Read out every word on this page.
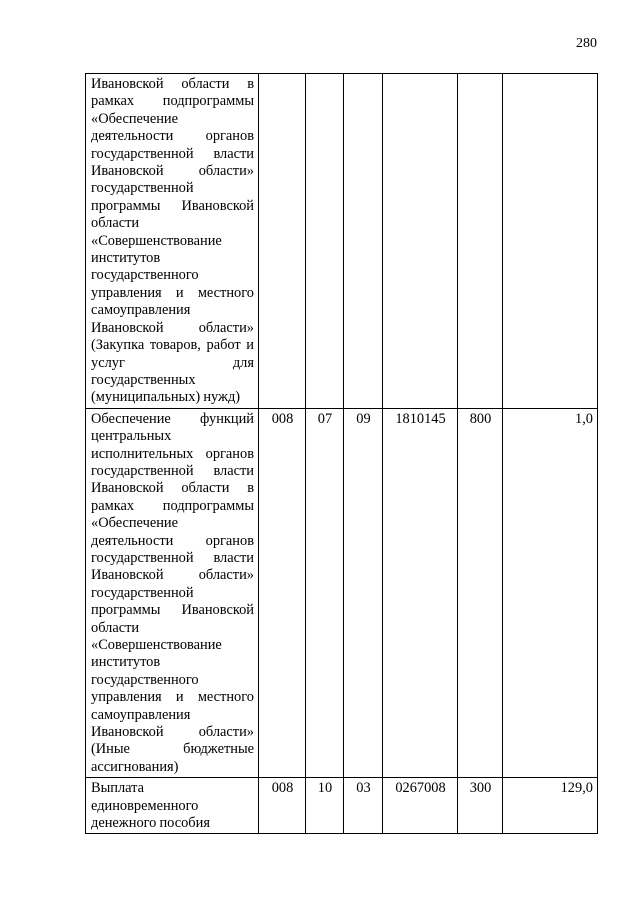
280
Ивановской области в рамках подпрограммы «Обеспечение деятельности органов государственной власти Ивановской области» государственной программы Ивановской области «Совершенствование институтов государственного управления и местного самоуправления Ивановской области» (Закупка товаров, работ и услуг для государственных (муниципальных) нужд)						
Обеспечение функций центральных исполнительных органов государственной власти Ивановской области в рамках подпрограммы «Обеспечение деятельности органов государственной власти Ивановской области» государственной программы Ивановской области «Совершенствование институтов государственного управления и местного самоуправления Ивановской области» (Иные бюджетные ассигнования)	008	07	09	1810145	800	1,0
Выплата единовременного денежного пособия	008	10	03	0267008	300	129,0
